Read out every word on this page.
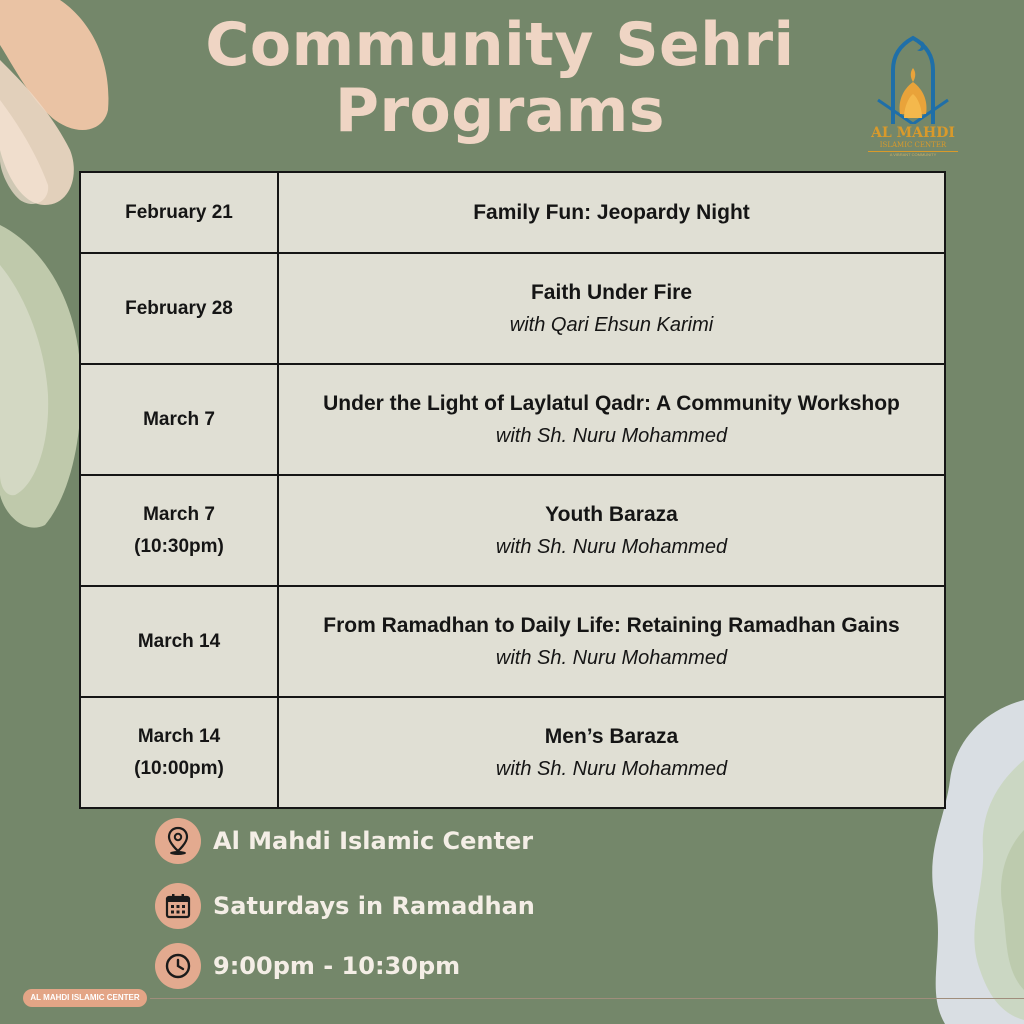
Community Sehri
Programs	AL MAHDI
ISLAMIC CENTER
A VIBRANT COMMUNITY
February 21	Family Fun: Jeopardy Night

February 28	Faith Under Fire
with Qari Ehsun Karimi

March 7	Under the Light of Laylatul Qadr: A Community Workshop
with Sh. Nuru Mohammed

March 7
(10:30pm)	Youth Baraza
with Sh. Nuru Mohammed

March 14	From Ramadhan to Daily Life: Retaining Ramadhan Gains
with Sh. Nuru Mohammed

March 14
(10:00pm)	Men’s Baraza
with Sh. Nuru Mohammed
Al Mahdi Islamic Center
Saturdays in Ramadhan
9:00pm - 10:30pm
AL MAHDI ISLAMIC CENTER
